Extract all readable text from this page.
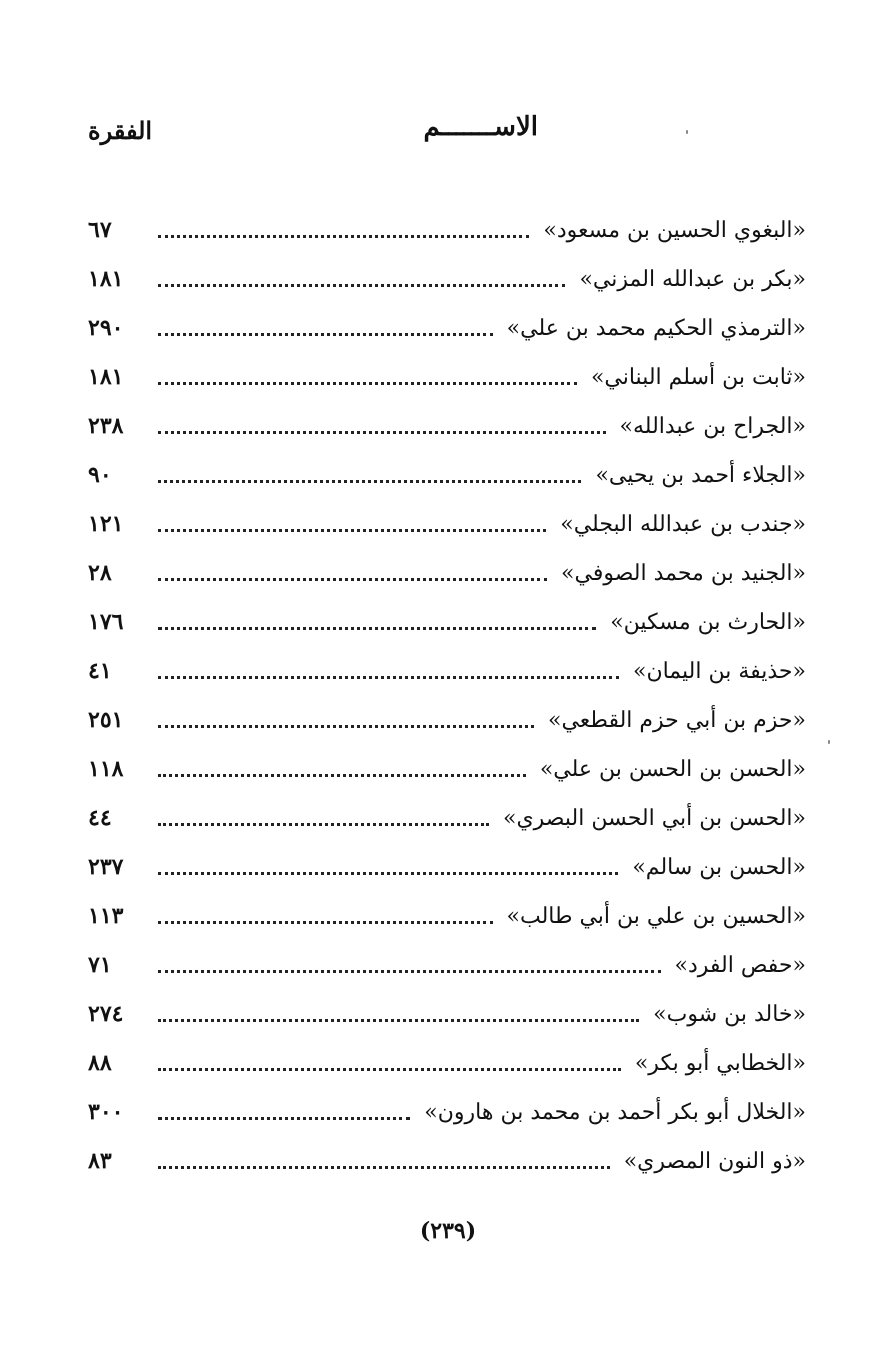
الاســـــــم
الفقرة
«البغوي الحسين بن مسعود»
٦٧
«بكر بن عبدالله المزني»
١٨١
«الترمذي الحكيم محمد بن علي»
٢٩٠
«ثابت بن أسلم البناني»
١٨١
«الجراح بن عبدالله»
٢٣٨
«الجلاء أحمد بن يحيى»
٩٠
«جندب بن عبدالله البجلي»
١٢١
«الجنيد بن محمد الصوفي»
٢٨
«الحارث بن مسكين»
١٧٦
«حذيفة بن اليمان»
٤١
«حزم بن أبي حزم القطعي»
٢٥١
«الحسن بن الحسن بن علي»
١١٨
«الحسن بن أبي الحسن البصري»
٤٤
«الحسن بن سالم»
٢٣٧
«الحسين بن علي بن أبي طالب»
١١٣
«حفص الفرد»
٧١
«خالد بن شوب»
٢٧٤
«الخطابي أبو بكر»
٨٨
«الخلال أبو بكر أحمد بن محمد بن هارون»
٣٠٠
«ذو النون المصري»
٨٣
(٢٣٩)
